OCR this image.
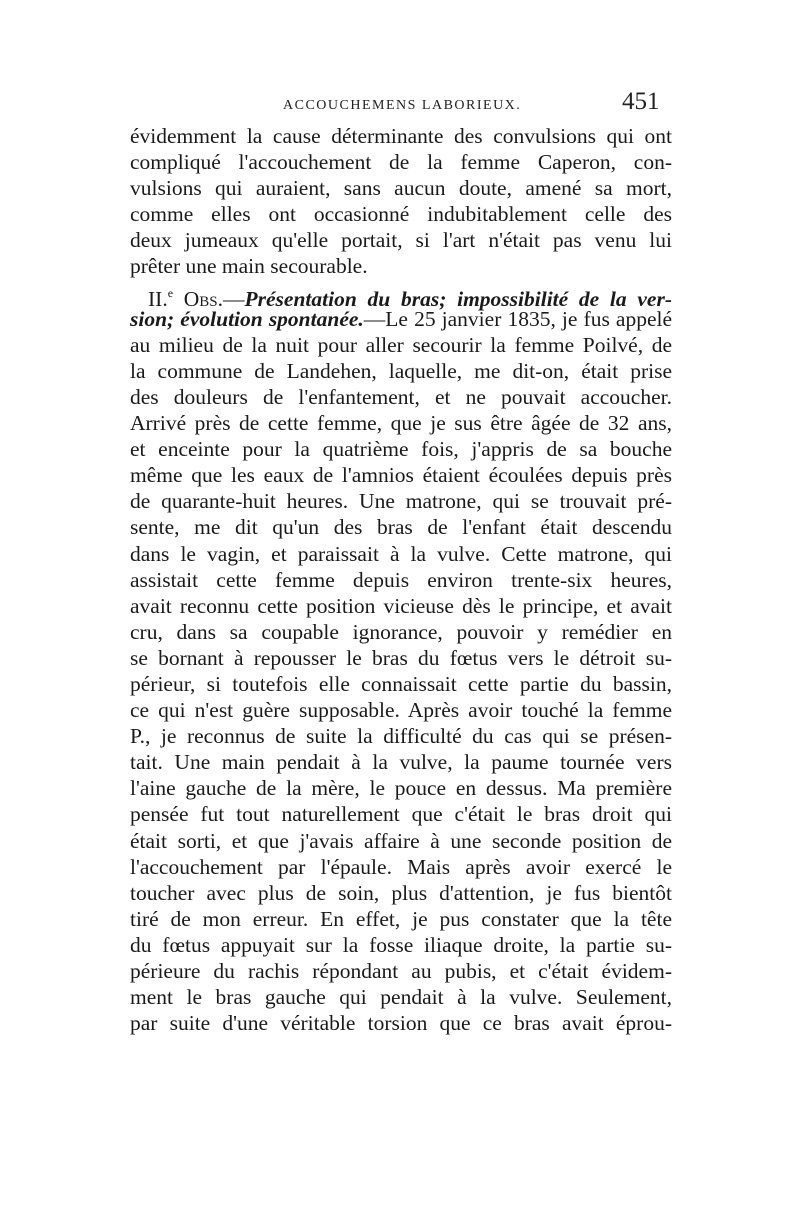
ACCOUCHEMENS LABORIEUX.	451
évidemment la cause déterminante des convulsions qui ont
compliqué l'accouchement de la femme Caperon, con-
vulsions qui auraient, sans aucun doute, amené sa mort,
comme elles ont occasionné indubitablement celle des
deux jumeaux qu'elle portait, si l'art n'était pas venu lui
prêter une main secourable.
II.$^e$ Obs.—Présentation du bras; impossibilité de la ver-
sion; évolution spontanée.—Le 25 janvier 1835, je fus appelé
au milieu de la nuit pour aller secourir la femme Poilvé, de
la commune de Landehen, laquelle, me dit-on, était prise
des douleurs de l'enfantement, et ne pouvait accoucher.
Arrivé près de cette femme, que je sus être âgée de 32 ans,
et enceinte pour la quatrième fois, j'appris de sa bouche
même que les eaux de l'amnios étaient écoulées depuis près
de quarante-huit heures. Une matrone, qui se trouvait pré-
sente, me dit qu'un des bras de l'enfant était descendu
dans le vagin, et paraissait à la vulve. Cette matrone, qui
assistait cette femme depuis environ trente-six heures,
avait reconnu cette position vicieuse dès le principe, et avait
cru, dans sa coupable ignorance, pouvoir y remédier en
se bornant à repousser le bras du fœtus vers le détroit su-
périeur, si toutefois elle connaissait cette partie du bassin,
ce qui n'est guère supposable. Après avoir touché la femme
P., je reconnus de suite la difficulté du cas qui se présen-
tait. Une main pendait à la vulve, la paume tournée vers
l'aine gauche de la mère, le pouce en dessus. Ma première
pensée fut tout naturellement que c'était le bras droit qui
était sorti, et que j'avais affaire à une seconde position de
l'accouchement par l'épaule. Mais après avoir exercé le
toucher avec plus de soin, plus d'attention, je fus bientôt
tiré de mon erreur. En effet, je pus constater que la tête
du fœtus appuyait sur la fosse iliaque droite, la partie su-
périeure du rachis répondant au pubis, et c'était évidem-
ment le bras gauche qui pendait à la vulve. Seulement,
par suite d'une véritable torsion que ce bras avait éprou-
